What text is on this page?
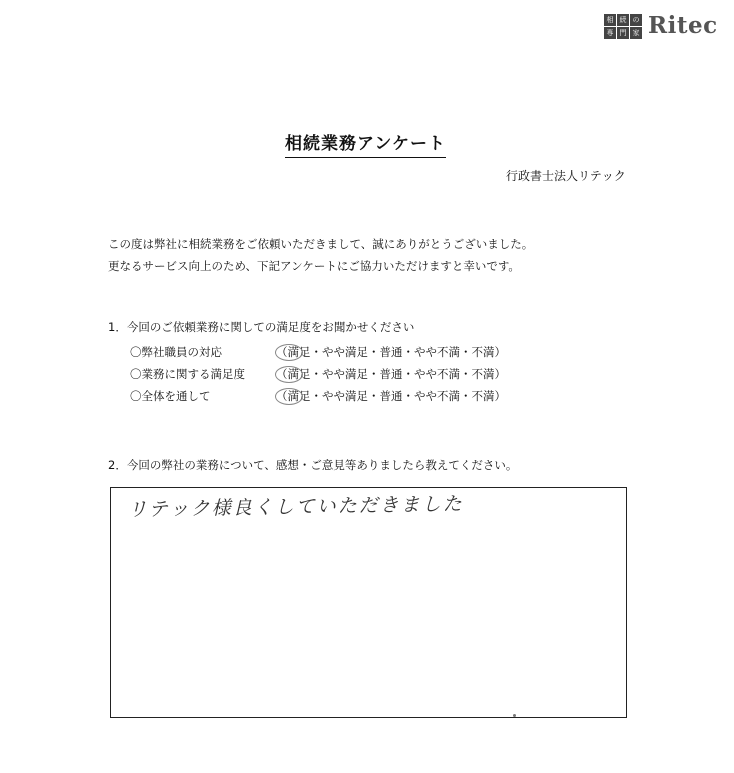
相 続 の
専 門 家 Ritec
相続業務アンケート
行政書士法人リテック
この度は弊社に相続業務をご依頼いただきまして、誠にありがとうございました。
更なるサービス向上のため、下記アンケートにご協力いただけますと幸いです。
1．今回のご依頼業務に関しての満足度をお聞かせください
〇弊社職員の対応	（満足・やや満足・普通・やや不満・不満）
〇業務に関する満足度	（満足・やや満足・普通・やや不満・不満）
〇全体を通して	（満足・やや満足・普通・やや不満・不満）
2．今回の弊社の業務について、感想・ご意見等ありましたら教えてください。
リテック様良くしていただきました
